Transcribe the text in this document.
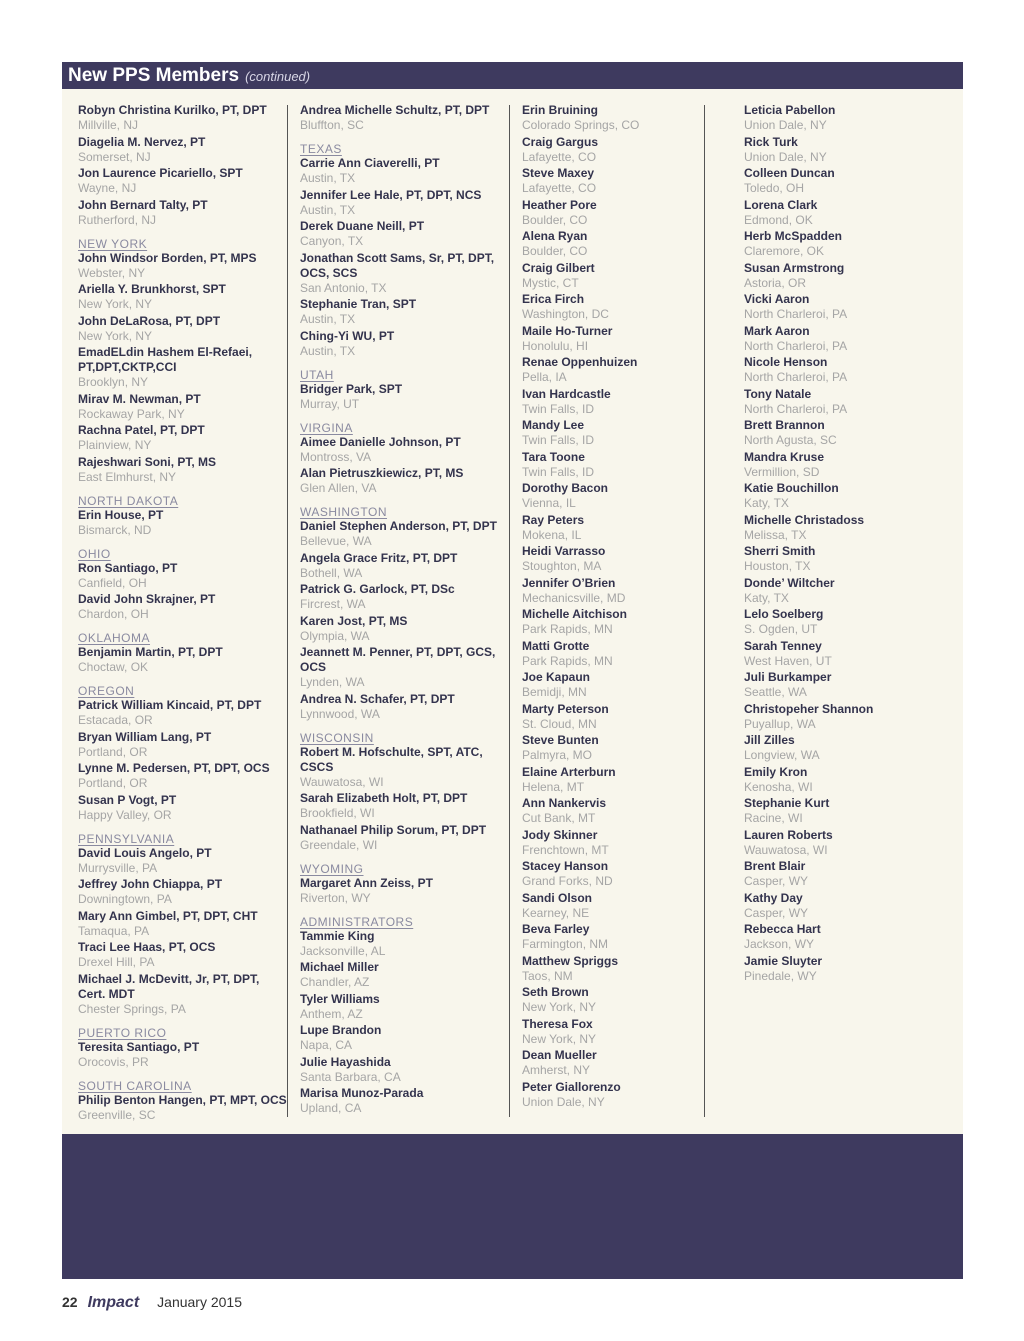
New PPS Members (continued)
Robyn Christina Kurilko, PT, DPT
Millville, NJ
Diagelia M. Nervez, PT
Somerset, NJ
Jon Laurence Picariello, SPT
Wayne, NJ
John Bernard Talty, PT
Rutherford, NJ
NEW YORK
John Windsor Borden, PT, MPS
Webster, NY
Ariella Y. Brunkhorst, SPT
New York, NY
John DeLaRosa, PT, DPT
New York, NY
EmadELdin Hashem El-Refaei, PT,DPT,CKTP,CCI
Brooklyn, NY
Mirav M. Newman, PT
Rockaway Park, NY
Rachna Patel, PT, DPT
Plainview, NY
Rajeshwari Soni, PT, MS
East Elmhurst, NY
NORTH DAKOTA
Erin House, PT
Bismarck, ND
OHIO
Ron Santiago, PT
Canfield, OH
David John Skrajner, PT
Chardon, OH
OKLAHOMA
Benjamin Martin, PT, DPT
Choctaw, OK
OREGON
Patrick William Kincaid, PT, DPT
Estacada, OR
Bryan William Lang, PT
Portland, OR
Lynne M. Pedersen, PT, DPT, OCS
Portland, OR
Susan P Vogt, PT
Happy Valley, OR
PENNSYLVANIA
David Louis Angelo, PT
Murrysville, PA
Jeffrey John Chiappa, PT
Downingtown, PA
Mary Ann Gimbel, PT, DPT, CHT
Tamaqua, PA
Traci Lee Haas, PT, OCS
Drexel Hill, PA
Michael J. McDevitt, Jr, PT, DPT, Cert. MDT
Chester Springs, PA
PUERTO RICO
Teresita Santiago, PT
Orocovis, PR
SOUTH CAROLINA
Philip Benton Hangen, PT, MPT, OCS
Greenville, SC
Andrea Michelle Schultz, PT, DPT
Bluffton, SC
TEXAS
Carrie Ann Ciaverelli, PT
Austin, TX
Jennifer Lee Hale, PT, DPT, NCS
Austin, TX
Derek Duane Neill, PT
Canyon, TX
Jonathan Scott Sams, Sr, PT, DPT, OCS, SCS
San Antonio, TX
Stephanie Tran, SPT
Austin, TX
Ching-Yi WU, PT
Austin, TX
UTAH
Bridger Park, SPT
Murray, UT
VIRGINA
Aimee Danielle Johnson, PT
Montross, VA
Alan Pietruszkiewicz, PT, MS
Glen Allen, VA
WASHINGTON
Daniel Stephen Anderson, PT, DPT
Bellevue, WA
Angela Grace Fritz, PT, DPT
Bothell, WA
Patrick G. Garlock, PT, DSc
Fircrest, WA
Karen Jost, PT, MS
Olympia, WA
Jeannett M. Penner, PT, DPT, GCS, OCS
Lynden, WA
Andrea N. Schafer, PT, DPT
Lynnwood, WA
WISCONSIN
Robert M. Hofschulte, SPT, ATC, CSCS
Wauwatosa, WI
Sarah Elizabeth Holt, PT, DPT
Brookfield, WI
Nathanael Philip Sorum, PT, DPT
Greendale, WI
WYOMING
Margaret Ann Zeiss, PT
Riverton, WY
ADMINISTRATORS
Tammie King
Jacksonville, AL
Michael Miller
Chandler, AZ
Tyler Williams
Anthem, AZ
Lupe Brandon
Napa, CA
Julie Hayashida
Santa Barbara, CA
Marisa Munoz-Parada
Upland, CA
Erin Bruining
Colorado Springs, CO
Craig Gargus
Lafayette, CO
Steve Maxey
Lafayette, CO
Heather Pore
Boulder, CO
Alena Ryan
Boulder, CO
Craig Gilbert
Mystic, CT
Erica Firch
Washington, DC
Maile Ho-Turner
Honolulu, HI
Renae Oppenhuizen
Pella, IA
Ivan Hardcastle
Twin Falls, ID
Mandy Lee
Twin Falls, ID
Tara Toone
Twin Falls, ID
Dorothy Bacon
Vienna, IL
Ray Peters
Mokena, IL
Heidi Varrasso
Stoughton, MA
Jennifer O’Brien
Mechanicsville, MD
Michelle Aitchison
Park Rapids, MN
Matti Grotte
Park Rapids, MN
Joe Kapaun
Bemidji, MN
Marty Peterson
St. Cloud, MN
Steve Bunten
Palmyra, MO
Elaine Arterburn
Helena, MT
Ann Nankervis
Cut Bank, MT
Jody Skinner
Frenchtown, MT
Stacey Hanson
Grand Forks, ND
Sandi Olson
Kearney, NE
Beva Farley
Farmington, NM
Matthew Spriggs
Taos, NM
Seth Brown
New York, NY
Theresa Fox
New York, NY
Dean Mueller
Amherst, NY
Peter Giallorenzo
Union Dale, NY
Leticia Pabellon
Union Dale, NY
Rick Turk
Union Dale, NY
Colleen Duncan
Toledo, OH
Lorena Clark
Edmond, OK
Herb McSpadden
Claremore, OK
Susan Armstrong
Astoria, OR
Vicki Aaron
North Charleroi, PA
Mark Aaron
North Charleroi, PA
Nicole Henson
North Charleroi, PA
Tony Natale
North Charleroi, PA
Brett Brannon
North Agusta, SC
Mandra Kruse
Vermillion, SD
Katie Bouchillon
Katy, TX
Michelle Christadoss
Melissa, TX
Sherri Smith
Houston, TX
Donde’ Wiltcher
Katy, TX
Lelo Soelberg
S. Ogden, UT
Sarah Tenney
West Haven, UT
Juli Burkamper
Seattle, WA
Christopeher Shannon
Puyallup, WA
Jill Zilles
Longview, WA
Emily Kron
Kenosha, WI
Stephanie Kurt
Racine, WI
Lauren Roberts
Wauwatosa, WI
Brent Blair
Casper, WY
Kathy Day
Casper, WY
Rebecca Hart
Jackson, WY
Jamie Sluyter
Pinedale, WY
22 Impact January 2015
